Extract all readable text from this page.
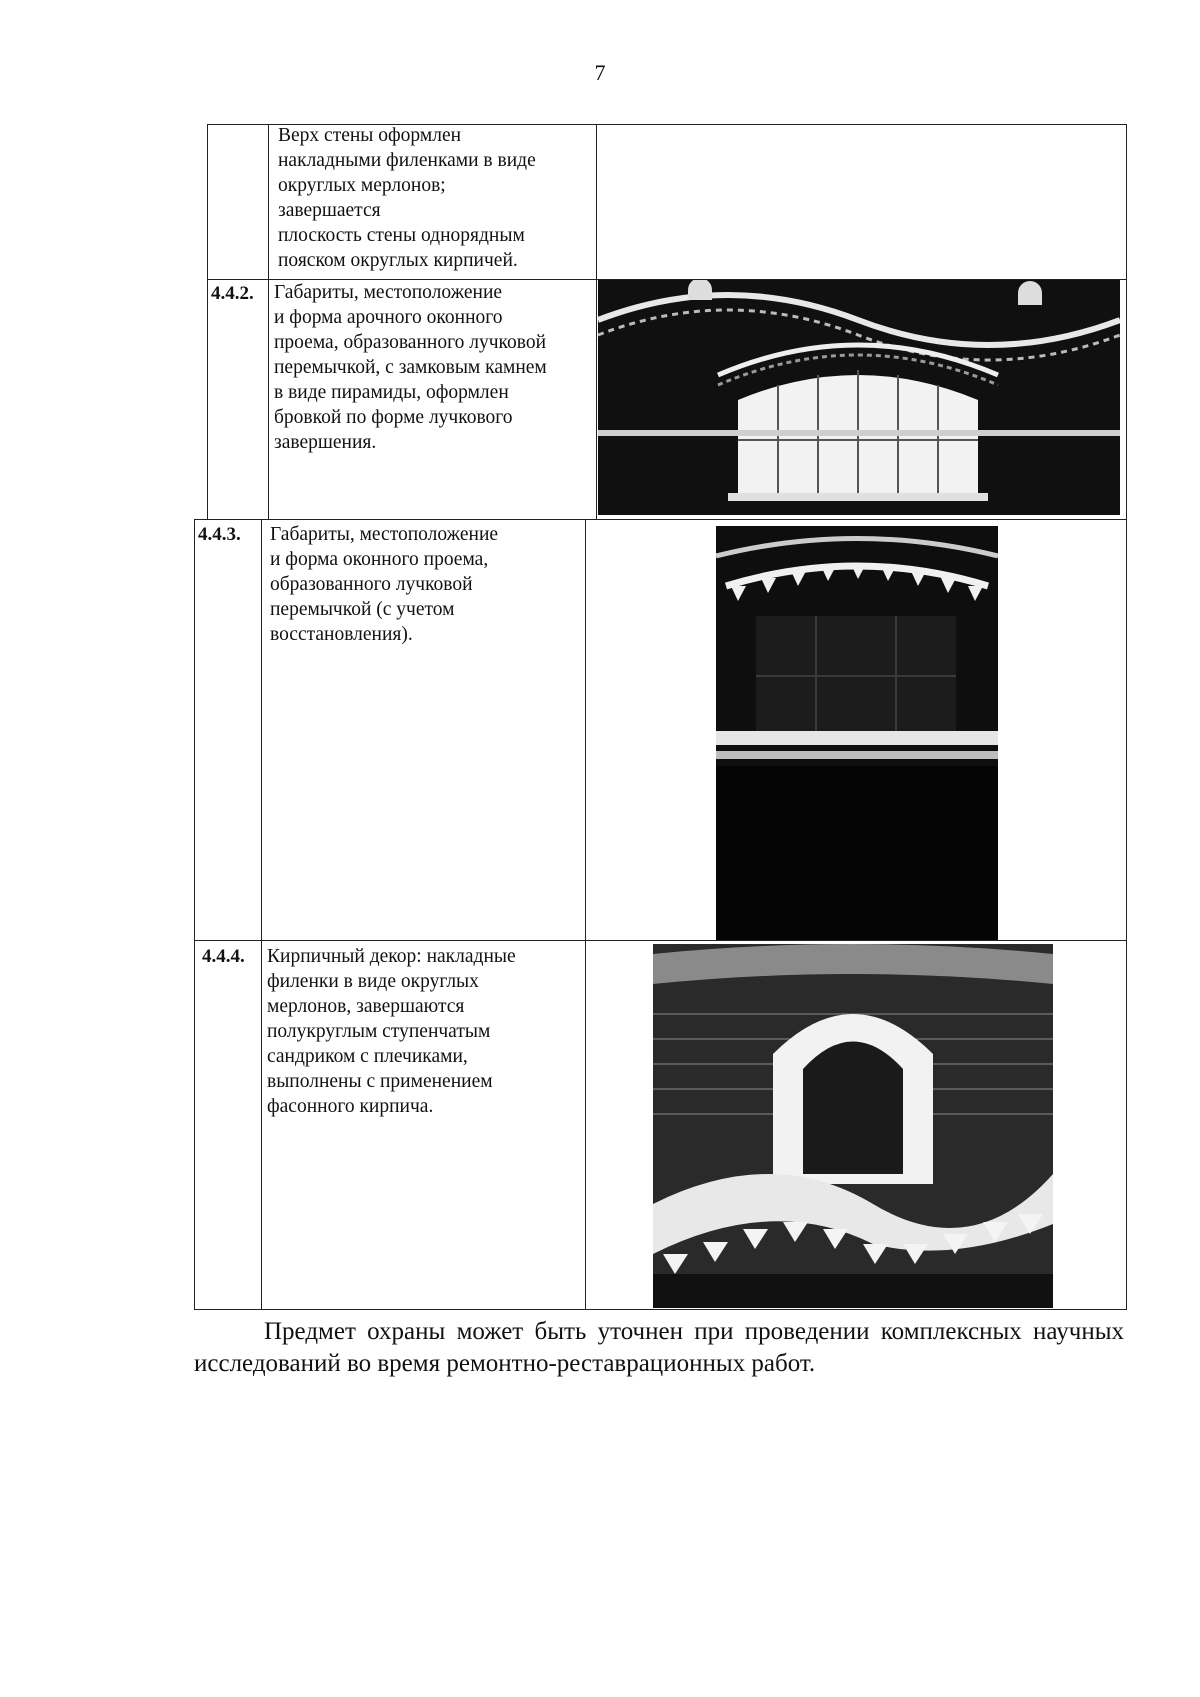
7
Верх стены оформлен
накладными филенками в виде
округлых мерлонов;
завершается
плоскость стены однорядным
пояском округлых кирпичей.
4.4.2. Габариты, местоположение
и форма арочного оконного
проема, образованного лучковой
перемычкой, с замковым камнем
в виде пирамиды, оформлен
бровкой по форме лучкового
завершения.
4.4.3. Габариты, местоположение
и форма оконного проема,
образованного лучковой
перемычкой (с учетом
восстановления).
4.4.4. Кирпичный декор: накладные
филенки в виде округлых
мерлонов, завершаются
полукруглым ступенчатым
сандриком с плечиками,
выполнены с применением
фасонного кирпича.
Предмет охраны может быть уточнен при проведении комплексных научных исследований во время ремонтно-реставрационных работ.
